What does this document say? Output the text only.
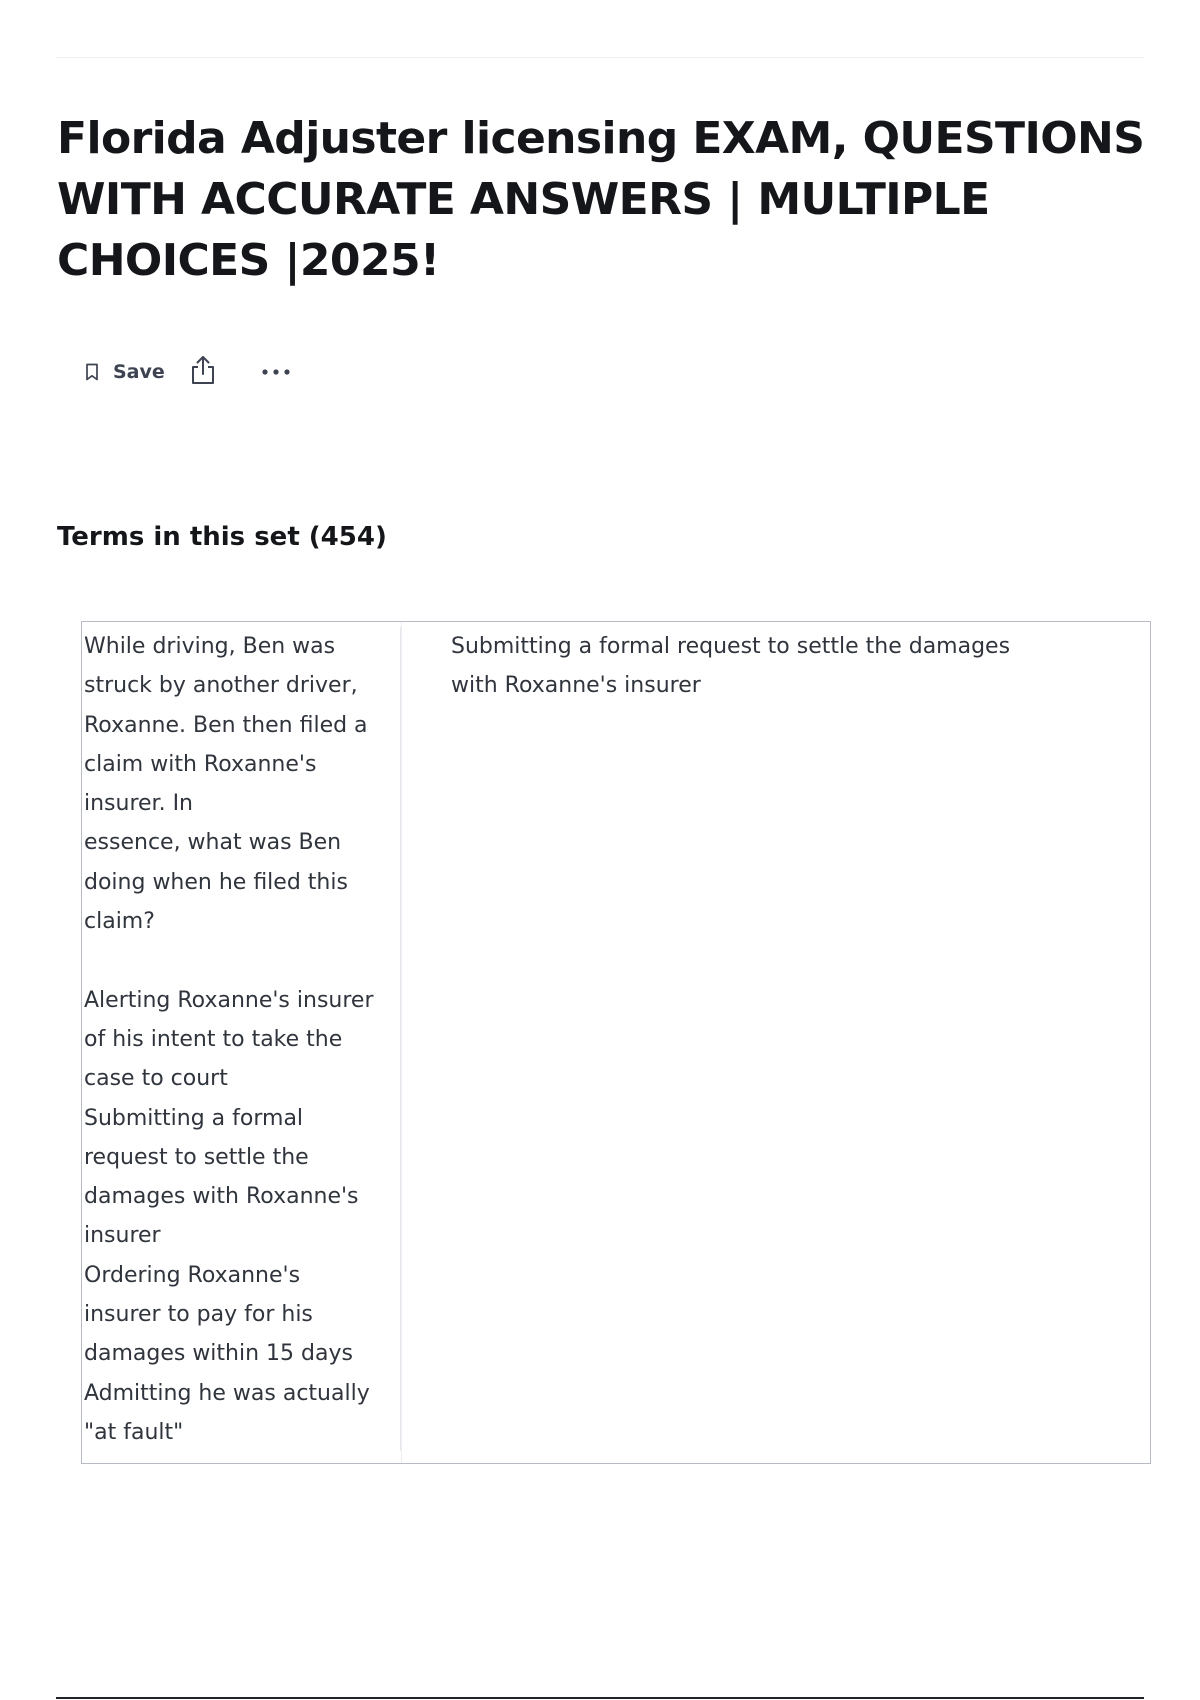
Florida Adjuster licensing EXAM, QUESTIONS WITH ACCURATE ANSWERS | MULTIPLE CHOICES |2025!
Save
Terms in this set (454)

While driving, Ben was
struck by another driver,
Roxanne. Ben then filed a
claim with Roxanne's
insurer. In
essence, what was Ben
doing when he filed this
claim?

Alerting Roxanne's insurer
of his intent to take the
case to court
Submitting a formal
request to settle the
damages with Roxanne's
insurer
Ordering Roxanne's
insurer to pay for his
damages within 15 days
Admitting he was actually
"at fault"

Submitting a formal request to settle the damages
with Roxanne's insurer
